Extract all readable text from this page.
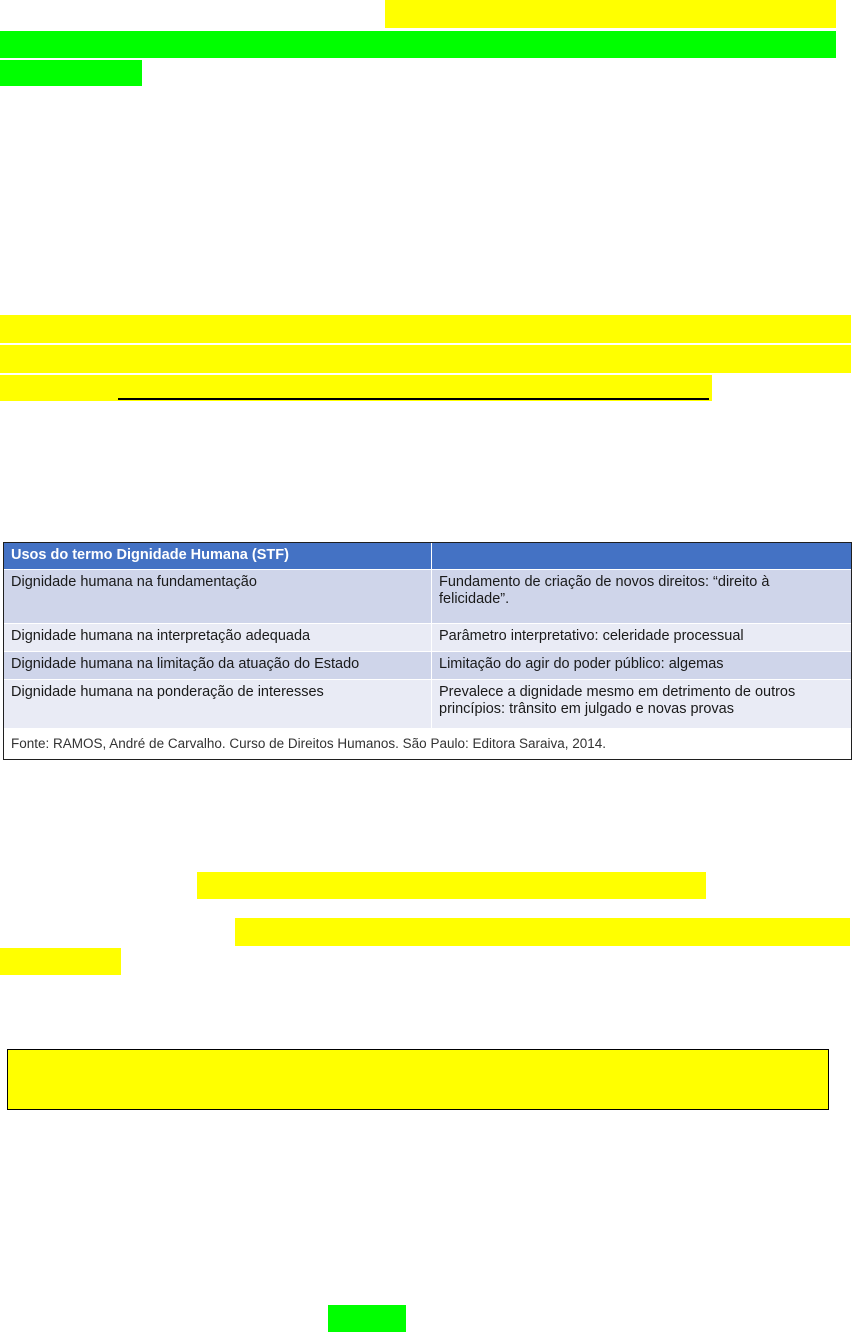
Usos do termo Dignidade Humana (STF)
Dignidade humana na fundamentação	Fundamento de criação de novos direitos: “direito à
felicidade”.
Dignidade humana na interpretação adequada	Parâmetro interpretativo: celeridade processual
Dignidade humana na limitação da atuação do Estado	Limitação do agir do poder público: algemas
Dignidade humana na ponderação de interesses	Prevalece a dignidade mesmo em detrimento de outros
princípios: trânsito em julgado e novas provas

Fonte: RAMOS, André de Carvalho. Curso de Direitos Humanos. São Paulo: Editora Saraiva, 2014.
